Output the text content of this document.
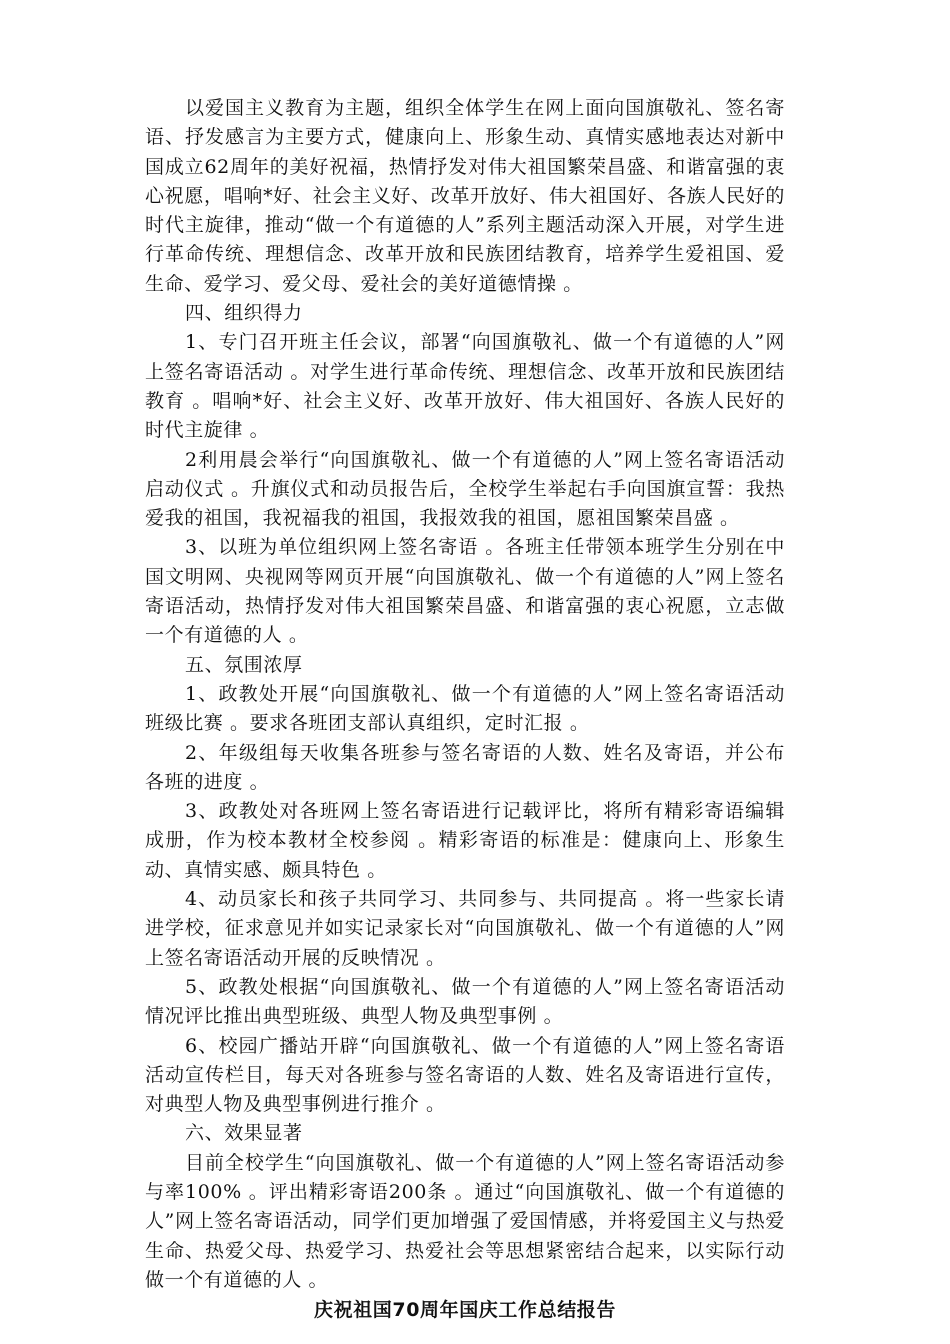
以爱国主义教育为主题，组织全体学生在网上面向国旗敬礼、签名寄语、抒发感言为主要方式，健康向上、形象生动、真情实感地表达对新中国成立62周年的美好祝福，热情抒发对伟大祖国繁荣昌盛、和谐富强的衷心祝愿，唱响*好、社会主义好、改革开放好、伟大祖国好、各族人民好的时代主旋律，推动“做一个有道德的人”系列主题活动深入开展，对学生进行革命传统、理想信念、改革开放和民族团结教育，培养学生爱祖国、爱生命、爱学习、爱父母、爱社会的美好道德情操 。

四、组织得力

1、专门召开班主任会议，部署“向国旗敬礼、做一个有道德的人”网上签名寄语活动 。对学生进行革命传统、理想信念、改革开放和民族团结教育 。唱响*好、社会主义好、改革开放好、伟大祖国好、各族人民好的时代主旋律 。

2利用晨会举行“向国旗敬礼、做一个有道德的人”网上签名寄语活动启动仪式 。升旗仪式和动员报告后，全校学生举起右手向国旗宣誓：我热爱我的祖国，我祝福我的祖国，我报效我的祖国，愿祖国繁荣昌盛 。

3、以班为单位组织网上签名寄语 。各班主任带领本班学生分别在中国文明网、央视网等网页开展“向国旗敬礼、做一个有道德的人”网上签名寄语活动，热情抒发对伟大祖国繁荣昌盛、和谐富强的衷心祝愿，立志做一个有道德的人 。

五、氛围浓厚

1、政教处开展“向国旗敬礼、做一个有道德的人”网上签名寄语活动班级比赛 。要求各班团支部认真组织，定时汇报 。

2、年级组每天收集各班参与签名寄语的人数、姓名及寄语，并公布各班的进度 。

3、政教处对各班网上签名寄语进行记载评比，将所有精彩寄语编辑成册，作为校本教材全校参阅 。精彩寄语的标准是：健康向上、形象生动、真情实感、颇具特色 。

4、动员家长和孩子共同学习、共同参与、共同提高 。将一些家长请进学校，征求意见并如实记录家长对“向国旗敬礼、做一个有道德的人”网上签名寄语活动开展的反映情况 。

5、政教处根据“向国旗敬礼、做一个有道德的人”网上签名寄语活动情况评比推出典型班级、典型人物及典型事例 。

6、校园广播站开辟“向国旗敬礼、做一个有道德的人”网上签名寄语活动宣传栏目，每天对各班参与签名寄语的人数、姓名及寄语进行宣传，对典型人物及典型事例进行推介 。

六、效果显著

目前全校学生“向国旗敬礼、做一个有道德的人”网上签名寄语活动参与率100% 。评出精彩寄语200条 。通过“向国旗敬礼、做一个有道德的人”网上签名寄语活动，同学们更加增强了爱国情感，并将爱国主义与热爱生命、热爱父母、热爱学习、热爱社会等思想紧密结合起来，以实际行动做一个有道德的人 。

庆祝祖国70周年国庆工作总结报告
